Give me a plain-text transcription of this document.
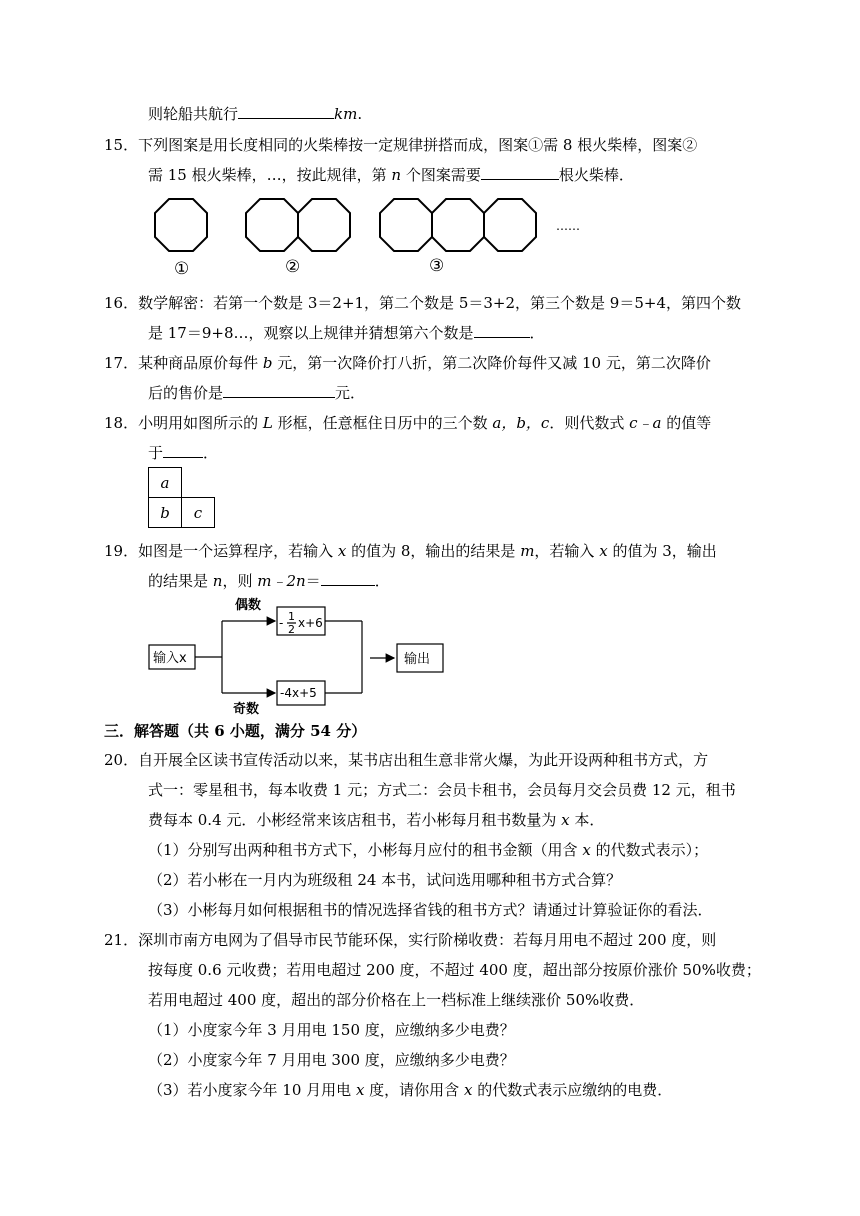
则轮船共航行	km.
15．下列图案是用长度相同的火柴棒按一定规律拼搭而成，图案①需 8 根火柴棒，图案②
需 15 根火柴棒，…，按此规律，第 n 个图案需要	根火柴棒．
……
①	②	③
16．数学解密：若第一个数是 3＝2+1，第二个数是 5＝3+2，第三个数是 9＝5+4，第四个数
是 17＝9+8…，观察以上规律并猜想第六个数是	．
17．某种商品原价每件 b 元，第一次降价打八折，第二次降价每件又减 10 元，第二次降价
后的售价是	元．
18．小明用如图所示的 L 形框，任意框住日历中的三个数 a，b，c．则代数式 c﹣a 的值等
于	．
a	
b	c
19．如图是一个运算程序，若输入 x 的值为 8，输出的结果是 m，若输入 x 的值为 3，输出
的结果是 n，则 m﹣2n＝	．
输入x	输出
偶数
奇数
- 1
2 x+6
-4x+5
三．解答题（共 6 小题，满分 54 分）
20．自开展全区读书宣传活动以来，某书店出租生意非常火爆，为此开设两种租书方式，方
式一：零星租书，每本收费 1 元；方式二：会员卡租书，会员每月交会员费 12 元，租书
费每本 0.4 元．小彬经常来该店租书，若小彬每月租书数量为 x 本．
（1）分别写出两种租书方式下，小彬每月应付的租书金额（用含 x 的代数式表示）；
（2）若小彬在一月内为班级租 24 本书，试问选用哪种租书方式合算？
（3）小彬每月如何根据租书的情况选择省钱的租书方式？请通过计算验证你的看法．
21．深圳市南方电网为了倡导市民节能环保，实行阶梯收费：若每月用电不超过 200 度，则
按每度 0.6 元收费；若用电超过 200 度，不超过 400 度，超出部分按原价涨价 50%收费；
若用电超过 400 度，超出的部分价格在上一档标准上继续涨价 50%收费．
（1）小度家今年 3 月用电 150 度，应缴纳多少电费？
（2）小度家今年 7 月用电 300 度，应缴纳多少电费？
（3）若小度家今年 10 月用电 x 度，请你用含 x 的代数式表示应缴纳的电费．
